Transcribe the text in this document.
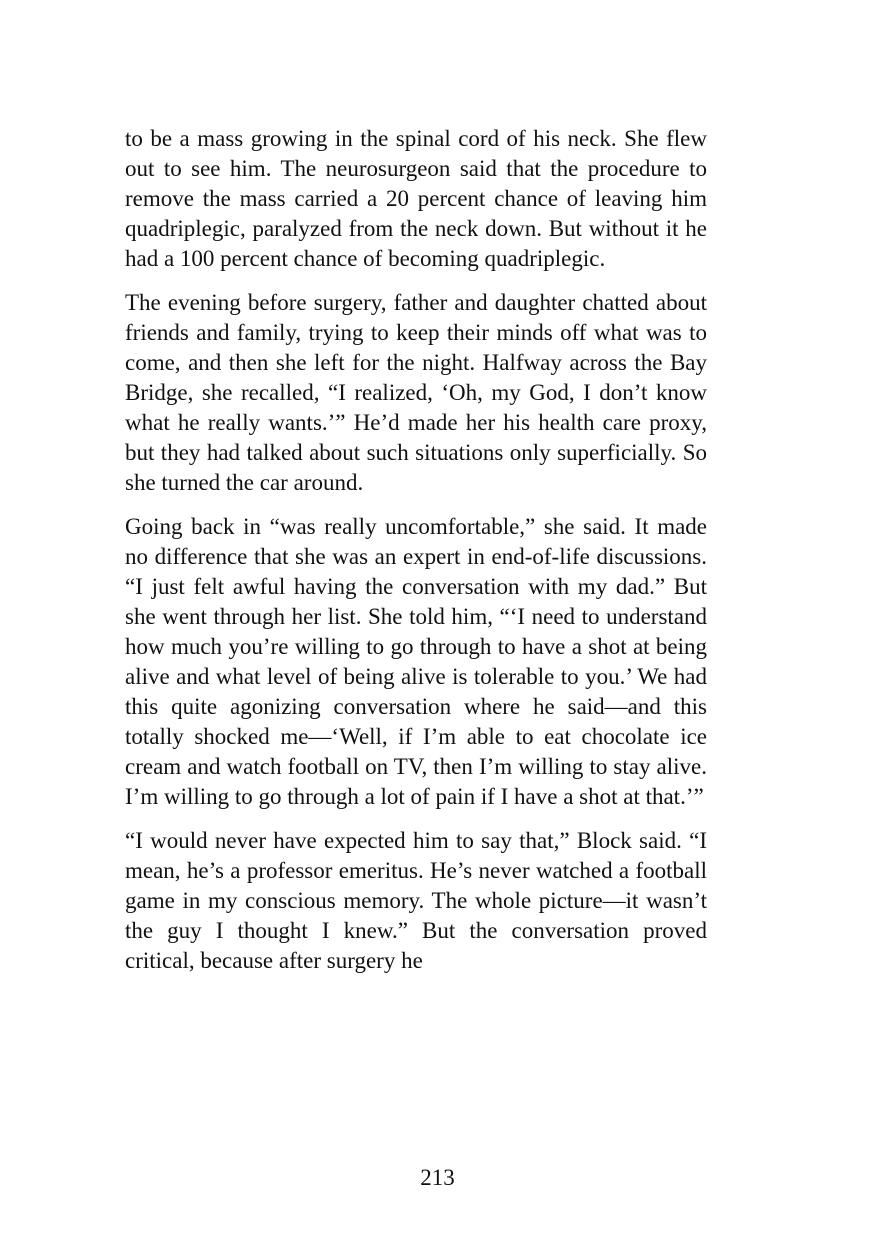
to be a mass growing in the spinal cord of his neck. She flew out to see him. The neurosurgeon said that the procedure to remove the mass carried a 20 percent chance of leaving him quadriplegic, paralyzed from the neck down. But without it he had a 100 percent chance of becoming quadriplegic.

The evening before surgery, father and daughter chatted about friends and family, trying to keep their minds off what was to come, and then she left for the night. Halfway across the Bay Bridge, she recalled, “I realized, ‘Oh, my God, I don’t know what he really wants.’” He’d made her his health care proxy, but they had talked about such situations only superficially. So she turned the car around.

Going back in “was really uncomfortable,” she said. It made no difference that she was an expert in end-of-life discussions. “I just felt awful having the conversation with my dad.” But she went through her list. She told him, “‘I need to understand how much you’re willing to go through to have a shot at being alive and what level of being alive is tolerable to you.’ We had this quite agonizing conversation where he said—and this totally shocked me—‘Well, if I’m able to eat chocolate ice cream and watch football on TV, then I’m willing to stay alive. I’m willing to go through a lot of pain if I have a shot at that.’”

“I would never have expected him to say that,” Block said. “I mean, he’s a professor emeritus. He’s never watched a football game in my conscious memory. The whole picture—it wasn’t the guy I thought I knew.” But the conversation proved critical, because after surgery he

213
